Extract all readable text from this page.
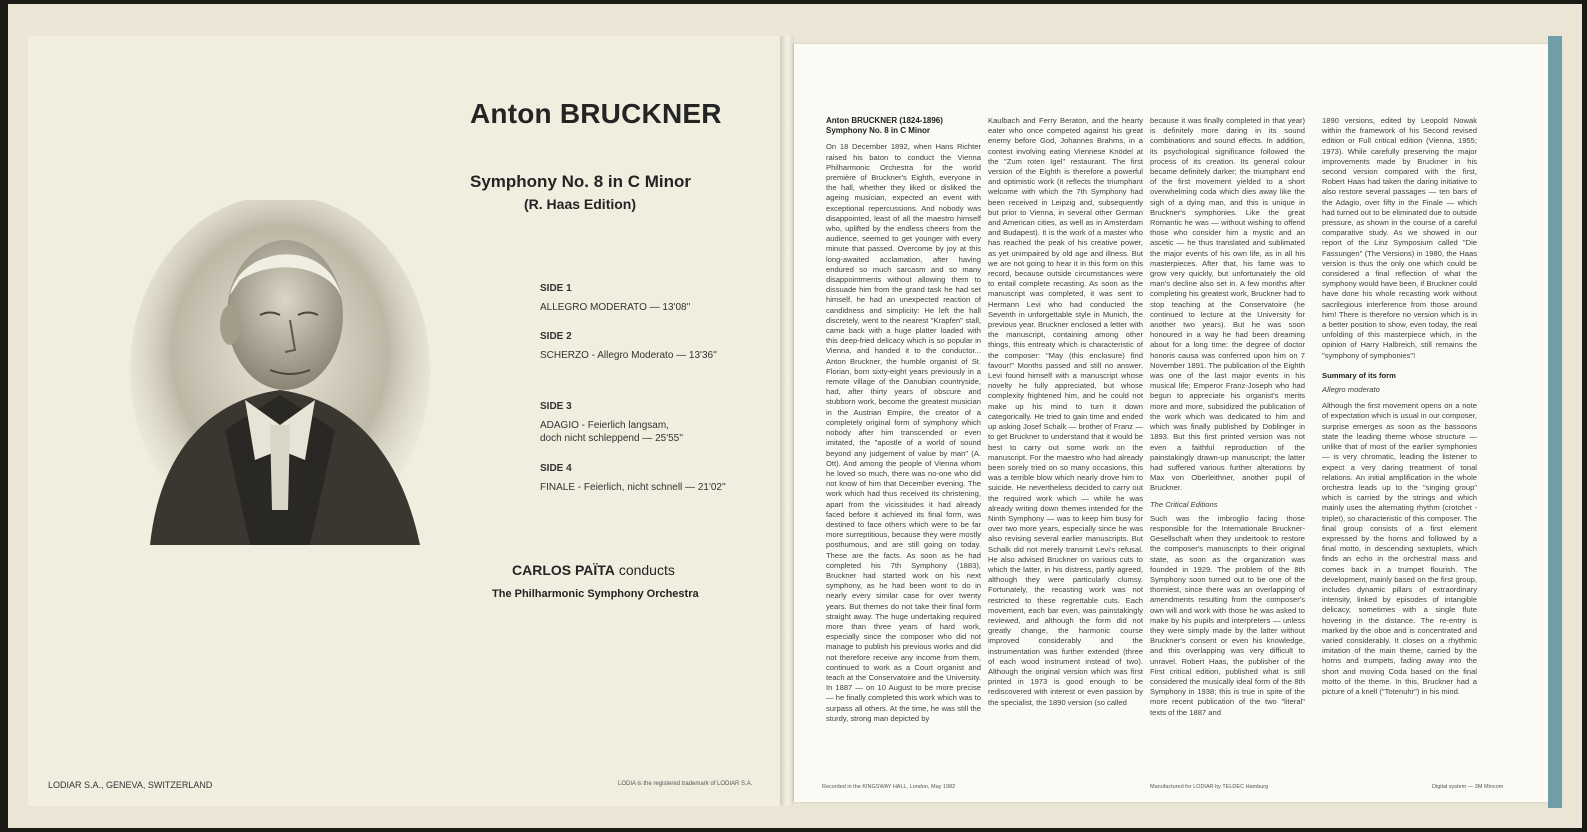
Anton BRUCKNER
Symphony No. 8 in C Minor
(R. Haas Edition)
SIDE 1
ALLEGRO MODERATO — 13'08''
SIDE 2
SCHERZO - Allegro Moderato — 13'36''
SIDE 3
ADAGIO - Feierlich langsam, doch nicht schleppend — 25'55''
SIDE 4
FINALE - Feierlich, nicht schnell — 21'02''
CARLOS PAÏTA conducts
The Philharmonic Symphony Orchestra
LODIAR S.A., GENEVA, SWITZERLAND	LODIA is the registered trademark of LODIAR S.A.

Anton BRUCKNER (1824-1896)

Symphony No. 8 in C Minor

On 18 December 1892, when Hans Richter raised his baton to conduct the Vienna Philharmonic Orchestra for the world première of Bruckner's Eighth, everyone in the hall, whether they liked or disliked the ageing musician, expected an event with exceptional repercussions. And nobody was disappointed, least of all the maestro himself who, uplifted by the endless cheers from the audience, seemed to get younger with every minute that passed. Overcome by joy at this long-awaited acclamation, after having endured so much sarcasm and so many disappointments without allowing them to dissuade him from the grand task he had set himself, he had an unexpected reaction of candidness and simplicity: He left the hall discretely, went to the nearest "Krapfen" stall, came back with a huge platter loaded with this deep-fried delicacy which is so popular in Vienna, and handed it to the conductor... Anton Bruckner, the humble organist of St. Florian, born sixty-eight years previously in a remote village of the Danubian countryside, had, after thirty years of obscure and stubborn work, become the greatest musician in the Austrian Empire, the creator of a completely original form of symphony which nobody after him transcended or even imitated, the "apostle of a world of sound beyond any judgement of value by man" (A. Ott). And among the people of Vienna whom he loved so much, there was no-one who did not know of him that December evening. The work which had thus received its christening, apart from the vicissitudes it had already faced before it achieved its final form, was destined to face others which were to be far more surreptitious, because they were mostly posthumous, and are still going on today. These are the facts. As soon as he had completed his 7th Symphony (1883), Bruckner had started work on his next symphony, as he had been wont to do in nearly every similar case for over twenty years. But themes do not take their final form straight away. The huge undertaking required more than three years of hard work, especially since the composer who did not manage to publish his previous works and did not therefore receive any income from them, continued to work as a Court organist and teach at the Conservatoire and the University. In 1887 — on 10 August to be more precise — he finally completed this work which was to surpass all others. At the time, he was still the sturdy, strong man depicted by

Kaulbach and Ferry Beraton, and the hearty eater who once competed against his great enemy before God, Johannes Brahms, in a contest involving eating Viennese Knödel at the "Zum roten Igel" restaurant. The first version of the Eighth is therefore a powerful and optimistic work (it reflects the triumphant welcome with which the 7th Symphony had been received in Leipzig and, subsequently but prior to Vienna, in several other German and American cities, as well as in Amsterdam and Budapest). It is the work of a master who has reached the peak of his creative power, as yet unimpaired by old age and illness. But we are not going to hear it in this form on this record, because outside circumstances were to entail complete recasting. As soon as the manuscript was completed, it was sent to Hermann Levi who had conducted the Seventh in unforgettable style in Munich, the previous year. Bruckner enclosed a letter with the manuscript, containing among other things, this entreaty which is characteristic of the composer: "May (this enclosure) find favour!" Months passed and still no answer. Levi found himself with a manuscript whose novelty he fully appreciated, but whose complexity frightened him, and he could not make up his mind to turn it down categorically. He tried to gain time and ended up asking Josef Schalk — brother of Franz — to get Bruckner to understand that it would be best to carry out some work on the manuscript. For the maestro who had already been sorely tried on so many occasions, this was a terrible blow which nearly drove him to suicide. He nevertheless decided to carry out the required work which — while he was already writing down themes intended for the Ninth Symphony — was to keep him busy for over two more years, especially since he was also revising several earlier manuscripts. But Schalk did not merely transmit Levi's refusal. He also advised Bruckner on various cuts to which the latter, in his distress, partly agreed, although they were particularly clumsy. Fortunately, the recasting work was not restricted to these regrettable cuts. Each movement, each bar even, was painstakingly reviewed, and although the form did not greatly change, the harmonic course improved considerably and the instrumentation was further extended (three of each wood instrument instead of two). Although the original version which was first printed in 1973 is good enough to be rediscovered with interest or even passion by the specialist, the 1890 version (so called

because it was finally completed in that year) is definitely more daring in its sound combinations and sound effects. In addition, its psychological significance followed the process of its creation. Its general colour became definitely darker; the triumphant end of the first movement yielded to a short overwhelming coda which dies away like the sigh of a dying man, and this is unique in Bruckner's symphonies. Like the great Romantic he was — without wishing to offend those who consider him a mystic and an ascetic — he thus translated and sublimated the major events of his own life, as in all his masterpieces. After that, his fame was to grow very quickly, but unfortunately the old man's decline also set in. A few months after completing his greatest work, Bruckner had to stop teaching at the Conservatoire (he continued to lecture at the University for another two years). But he was soon honoured in a way he had been dreaming about for a long time: the degree of doctor honoris causa was conferred upon him on 7 November 1891. The publication of the Eighth was one of the last major events in his musical life; Emperor Franz-Joseph who had begun to appreciate his organist's merits more and more, subsidized the publication of the work which was dedicated to him and which was finally published by Doblinger in 1893. But this first printed version was not even a faithful reproduction of the painstakingly drawn-up manuscript; the latter had suffered various further alterations by Max von Oberleithner, another pupil of Bruckner.

The Critical Editions

Such was the imbroglio facing those responsible for the Internationale Bruckner-Gesellschaft when they undertook to restore the composer's manuscripts to their original state, as soon as the organization was founded in 1929. The problem of the 8th Symphony soon turned out to be one of the thorniest, since there was an overlapping of amendments resulting from the composer's own will and work with those he was asked to make by his pupils and interpreters — unless they were simply made by the latter without Bruckner's consent or even his knowledge, and this overlapping was very difficult to unravel. Robert Haas, the publisher of the First critical edition, published what is still considered the musically ideal form of the 8th Symphony in 1938; this is true in spite of the more recent publication of the two "literal" texts of the 1887 and

1890 versions, edited by Leopold Nowak within the framework of his Second revised edition or Full critical edition (Vienna, 1955; 1973). While carefully preserving the major improvements made by Bruckner in his second version compared with the first, Robert Haas had taken the daring initiative to also restore several passages — ten bars of the Adagio, over fifty in the Finale — which had turned out to be eliminated due to outside pressure, as shown in the course of a careful comparative study. As we showed in our report of the Linz Symposium called "Die Fassungen" (The Versions) in 1980, the Haas version is thus the only one which could be considered a final reflection of what the symphony would have been, if Bruckner could have done his whole recasting work without sacrilegious interference from those around him! There is therefore no version which is in a better position to show, even today, the real unfolding of this masterpiece which, in the opinion of Harry Halbreich, still remains the "symphony of symphonies"!

Summary of its form

Allegro moderato

Although the first movement opens on a note of expectation which is usual in our composer, surprise emerges as soon as the bassoons state the leading theme whose structure — unlike that of most of the earlier symphonies — is very chromatic, leading the listener to expect a very daring treatment of tonal relations. An initial amplification in the whole orchestra leads up to the "singing group" which is carried by the strings and which mainly uses the alternating rhythm (crotchet - triplet), so characteristic of this composer. The final group consists of a first element expressed by the horns and followed by a final motto, in descending sextuplets, which finds an echo in the orchestral mass and comes back in a trumpet flourish. The development, mainly based on the first group, includes dynamic pillars of extraordinary intensity, linked by episodes of intangible delicacy, sometimes with a single flute hovering in the distance. The re-entry is marked by the oboe and is concentrated and varied considerably. It closes on a rhythmic imitation of the main theme, carried by the horns and trumpets, fading away into the short and moving Coda based on the final motto of the theme. In this, Bruckner had a picture of a knell ("Totenuhr") in his mind.

Recorded in the KINGSWAY HALL, London, May 1982	Manufactured for LODIAR by TELDEC Hamburg	Digital system — 3M Mincom
